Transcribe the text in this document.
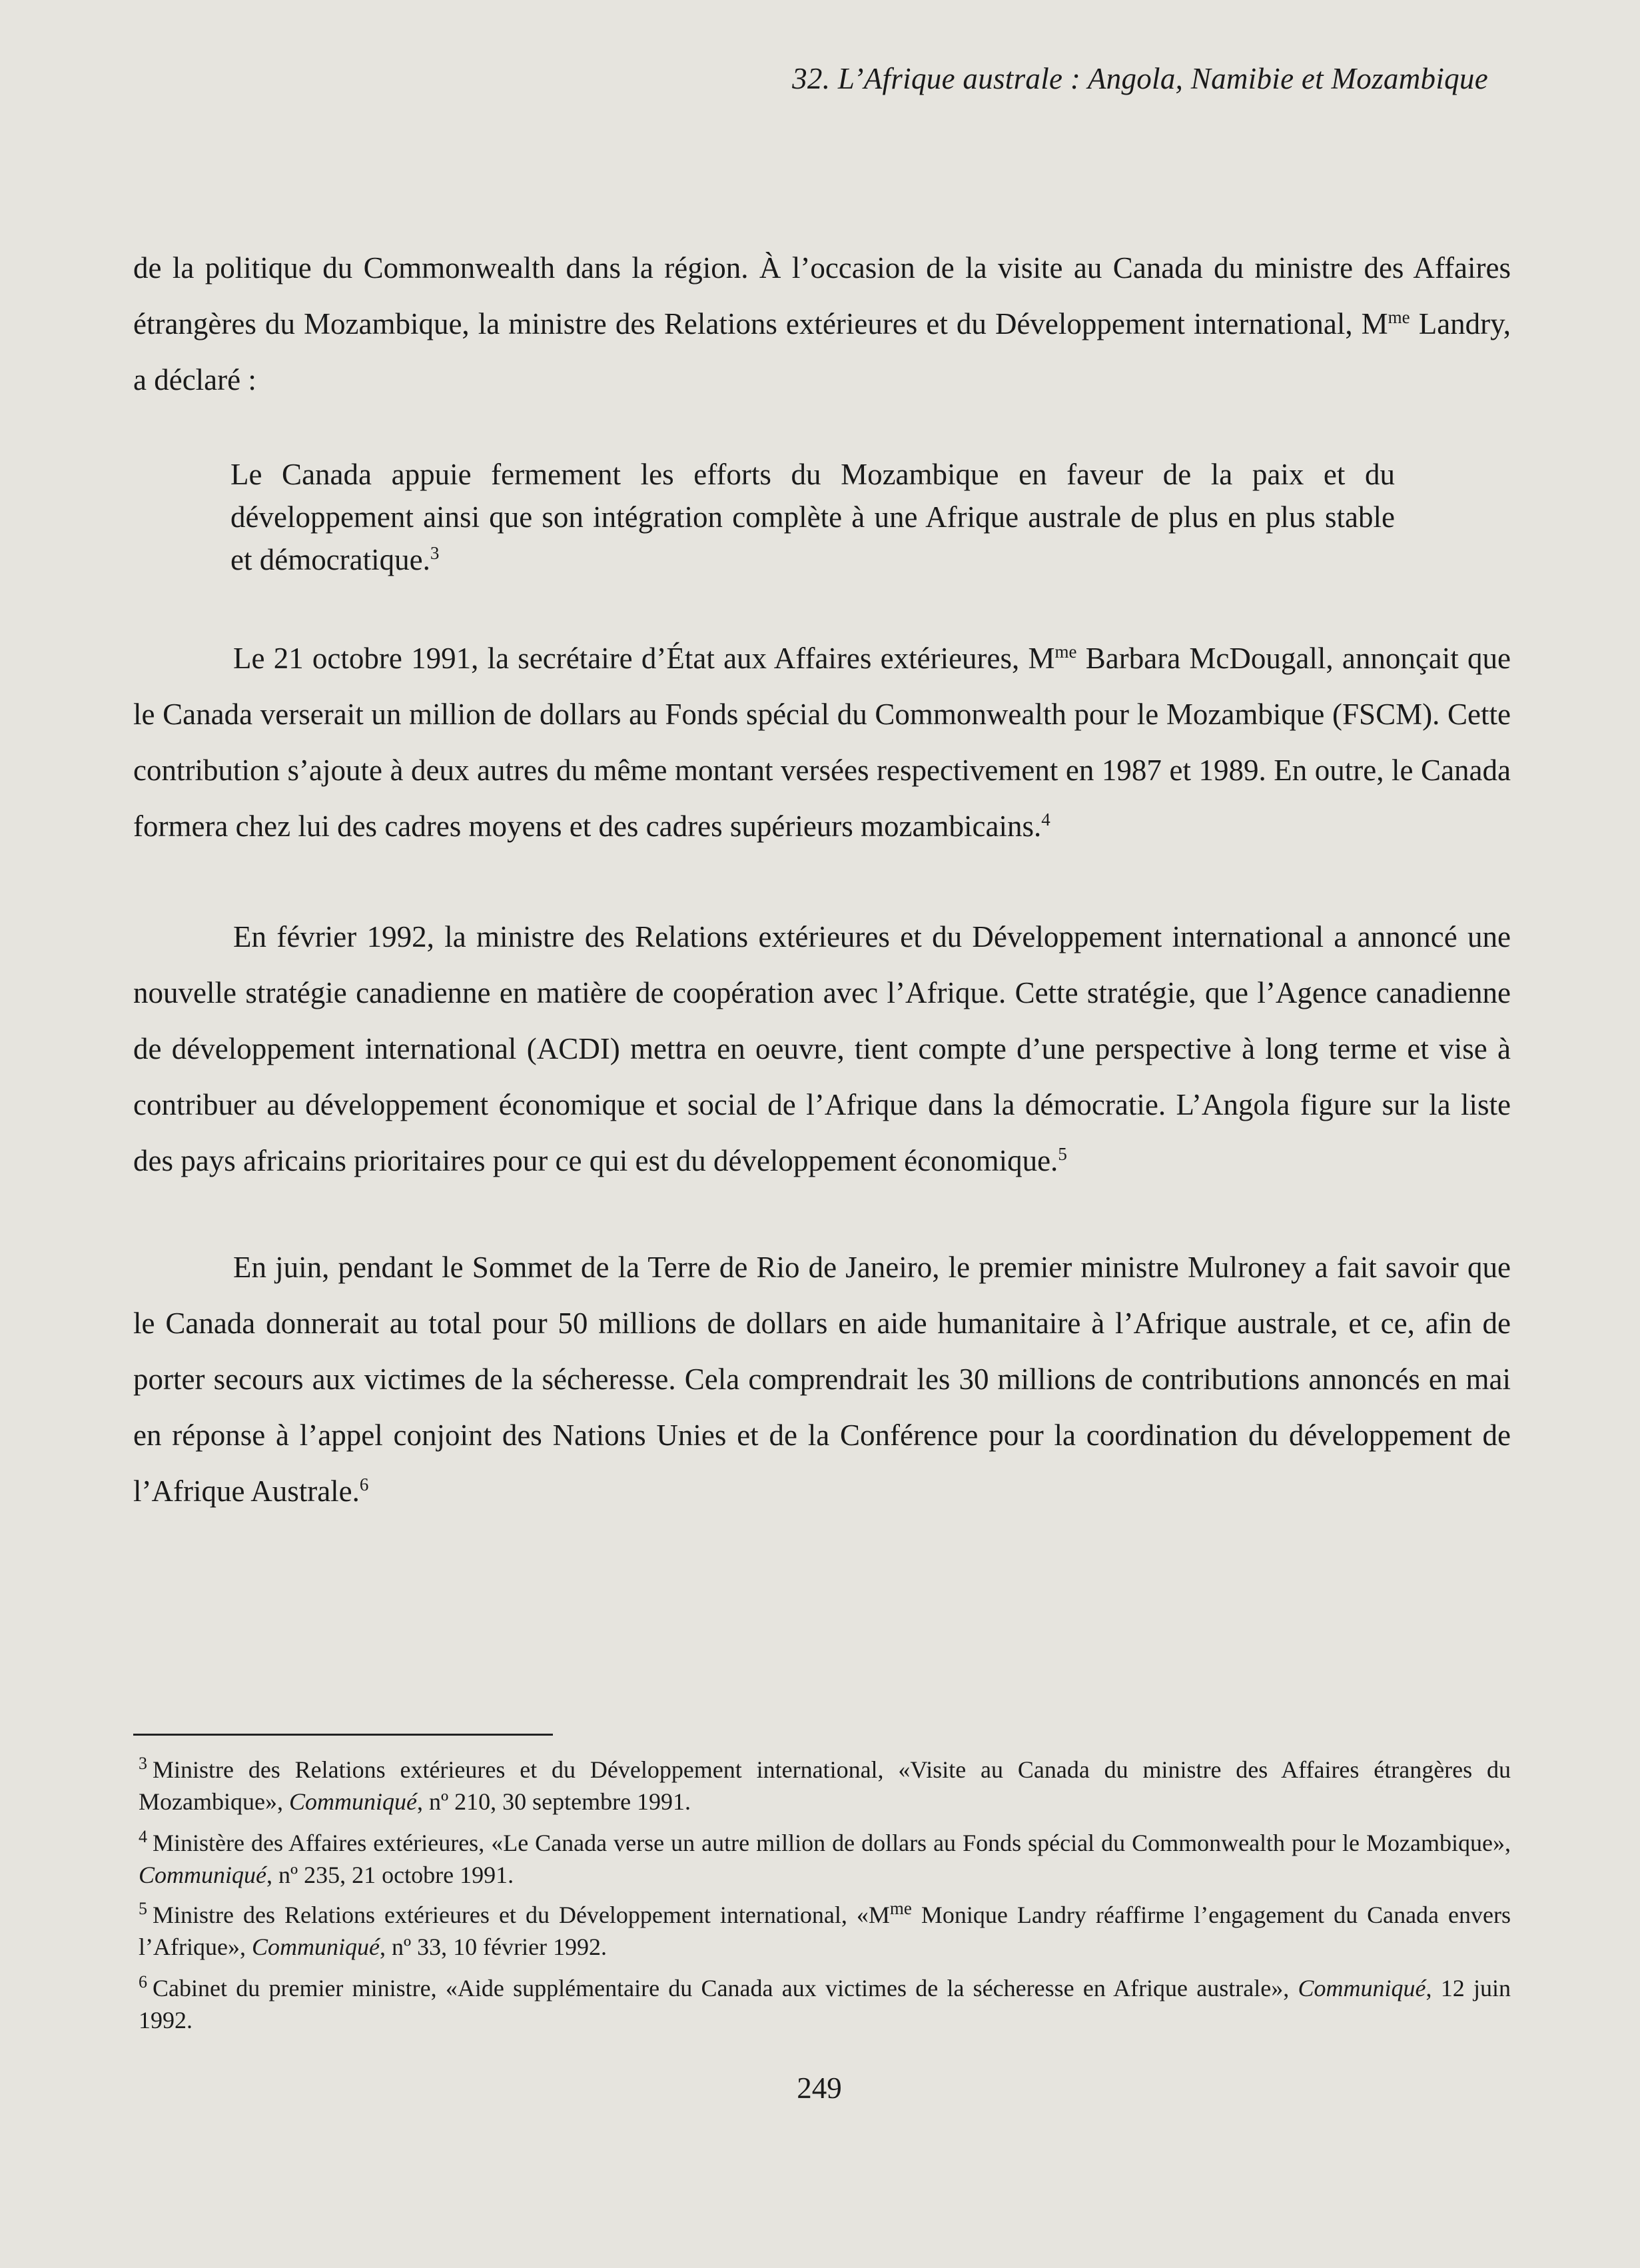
32. L’Afrique australe : Angola, Namibie et Mozambique

de la politique du Commonwealth dans la région. À l’occasion de la visite au Canada du ministre des Affaires étrangères du Mozambique, la ministre des Relations extérieures et du Développement international, $M^{me}$ Landry, a déclaré :

Le Canada appuie fermement les efforts du Mozambique en faveur de la paix et du développement ainsi que son intégration complète à une Afrique australe de plus en plus stable et démocratique.$^3$

Le 21 octobre 1991, la secrétaire d’État aux Affaires extérieures, $M^{me}$ Barbara McDougall, annonçait que le Canada verserait un million de dollars au Fonds spécial du Commonwealth pour le Mozambique (FSCM). Cette contribution s’ajoute à deux autres du même montant versées respectivement en 1987 et 1989. En outre, le Canada formera chez lui des cadres moyens et des cadres supérieurs mozambicains.$^4$

En février 1992, la ministre des Relations extérieures et du Développement international a annoncé une nouvelle stratégie canadienne en matière de coopération avec l’Afrique. Cette stratégie, que l’Agence canadienne de développement international (ACDI) mettra en oeuvre, tient compte d’une perspective à long terme et vise à contribuer au développement économique et social de l’Afrique dans la démocratie. L’Angola figure sur la liste des pays africains prioritaires pour ce qui est du développement économique.$^5$

En juin, pendant le Sommet de la Terre de Rio de Janeiro, le premier ministre Mulroney a fait savoir que le Canada donnerait au total pour 50 millions de dollars en aide humanitaire à l’Afrique australe, et ce, afin de porter secours aux victimes de la sécheresse. Cela comprendrait les 30 millions de contributions annoncés en mai en réponse à l’appel conjoint des Nations Unies et de la Conférence pour la coordination du développement de l’Afrique Australe.$^6$

$^3$ Ministre des Relations extérieures et du Développement international, «Visite au Canada du ministre des Affaires étrangères du Mozambique», Communiqué, nº 210, 30 septembre 1991.

$^4$ Ministère des Affaires extérieures, «Le Canada verse un autre million de dollars au Fonds spécial du Commonwealth pour le Mozambique», Communiqué, nº 235, 21 octobre 1991.

$^5$ Ministre des Relations extérieures et du Développement international, «$M^{me}$ Monique Landry réaffirme l’engagement du Canada envers l’Afrique», Communiqué, nº 33, 10 février 1992.

$^6$ Cabinet du premier ministre, «Aide supplémentaire du Canada aux victimes de la sécheresse en Afrique australe», Communiqué, 12 juin 1992.

249
